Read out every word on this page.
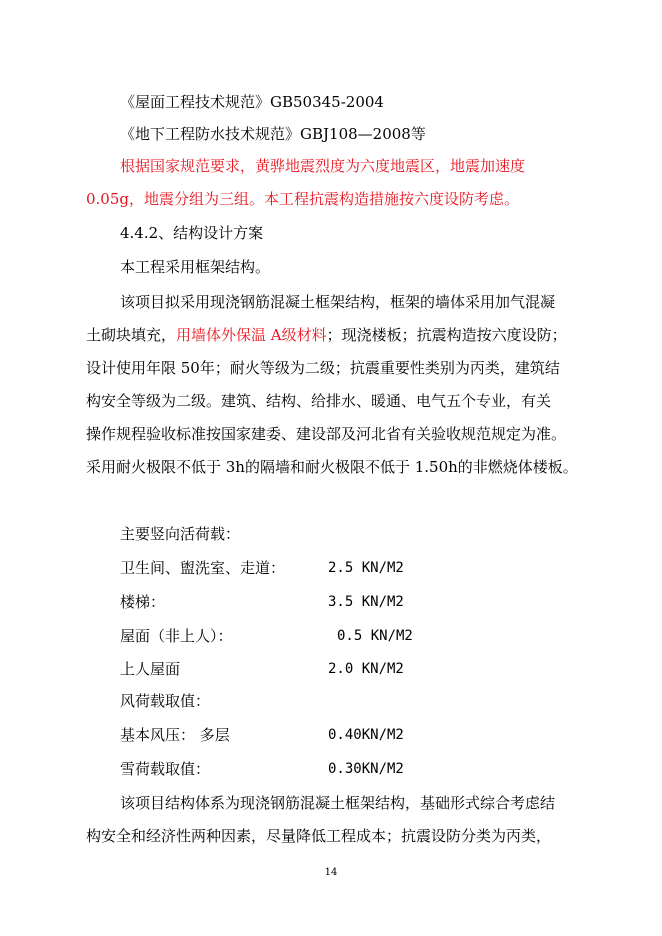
《屋面工程技术规范》GB50345-2004
《地下工程防水技术规范》GBJ108—2008等
根据国家规范要求，黄骅地震烈度为六度地震区，地震加速度
0.05g，地震分组为三组。本工程抗震构造措施按六度设防考虑。
4.4.2、结构设计方案
本工程采用框架结构。
该项目拟采用现浇钢筋混凝土框架结构，框架的墙体采用加气混凝
土砌块填充，用墙体外保温 A级材料；现浇楼板；抗震构造按六度设防；
设计使用年限 50年；耐火等级为二级；抗震重要性类别为丙类，建筑结
构安全等级为二级。建筑、结构、给排水、暖通、电气五个专业，有关
操作规程验收标准按国家建委、建设部及河北省有关验收规范规定为准。
采用耐火极限不低于 3h的隔墙和耐火极限不低于 1.50h的非燃烧体楼板。
主要竖向活荷载：
卫生间、盥洗室、走道：	2.5 KN/M2
楼梯：	3.5 KN/M2
屋面（非上人）：	0.5 KN/M2
上人屋面	2.0 KN/M2
风荷载取值：
基本风压： 多层	0.40KN/M2
雪荷载取值：	0.30KN/M2
该项目结构体系为现浇钢筋混凝土框架结构，基础形式综合考虑结
构安全和经济性两种因素，尽量降低工程成本；抗震设防分类为丙类，
14
